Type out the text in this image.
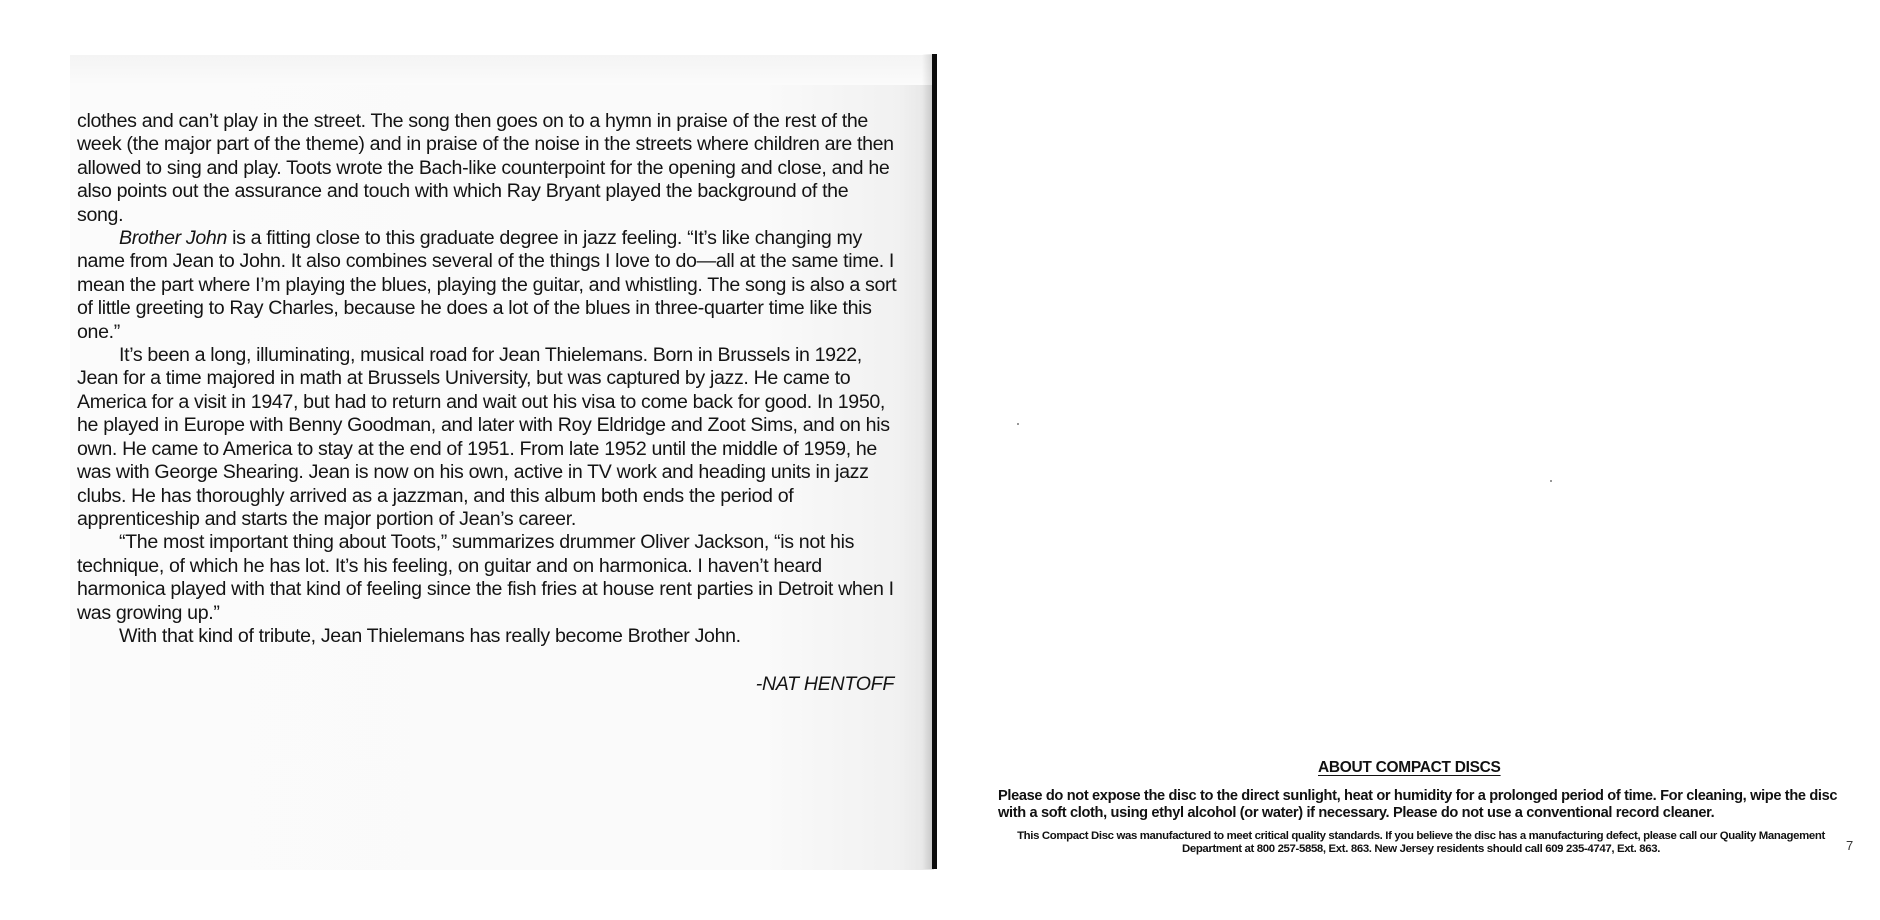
clothes and can’t play in the street. The song then goes on to a hymn in praise of the rest of the week (the major part of the theme) and in praise of the noise in the streets where children are then allowed to sing and play. Toots wrote the Bach-like counterpoint for the opening and close, and he also points out the assurance and touch with which Ray Bryant played the background of the song.

Brother John is a fitting close to this graduate degree in jazz feeling. “It’s like changing my name from Jean to John. It also combines several of the things I love to do—all at the same time. I mean the part where I’m playing the blues, playing the guitar, and whistling. The song is also a sort of little greeting to Ray Charles, because he does a lot of the blues in three-quarter time like this one.”

It’s been a long, illuminating, musical road for Jean Thielemans. Born in Brussels in 1922, Jean for a time majored in math at Brussels University, but was captured by jazz. He came to America for a visit in 1947, but had to return and wait out his visa to come back for good. In 1950, he played in Europe with Benny Goodman, and later with Roy Eldridge and Zoot Sims, and on his own. He came to America to stay at the end of 1951. From late 1952 until the middle of 1959, he was with George Shearing. Jean is now on his own, active in TV work and heading units in jazz clubs. He has thoroughly arrived as a jazzman, and this album both ends the period of apprenticeship and starts the major portion of Jean’s career.

“The most important thing about Toots,” summarizes drummer Oliver Jackson, “is not his technique, of which he has lot. It’s his feeling, on guitar and on harmonica. I haven’t heard harmonica played with that kind of feeling since the fish fries at house rent parties in Detroit when I was growing up.”

With that kind of tribute, Jean Thielemans has really become Brother John.

-NAT HENTOFF
ABOUT COMPACT DISCS
Please do not expose the disc to the direct sunlight, heat or humidity for a prolonged period of time. For cleaning, wipe the disc with a soft cloth, using ethyl alcohol (or water) if necessary. Please do not use a conventional record cleaner.
This Compact Disc was manufactured to meet critical quality standards. If you believe the disc has a manufacturing defect, please call our Quality Management Department at 800 257-5858, Ext. 863. New Jersey residents should call 609 235-4747, Ext. 863.	7
